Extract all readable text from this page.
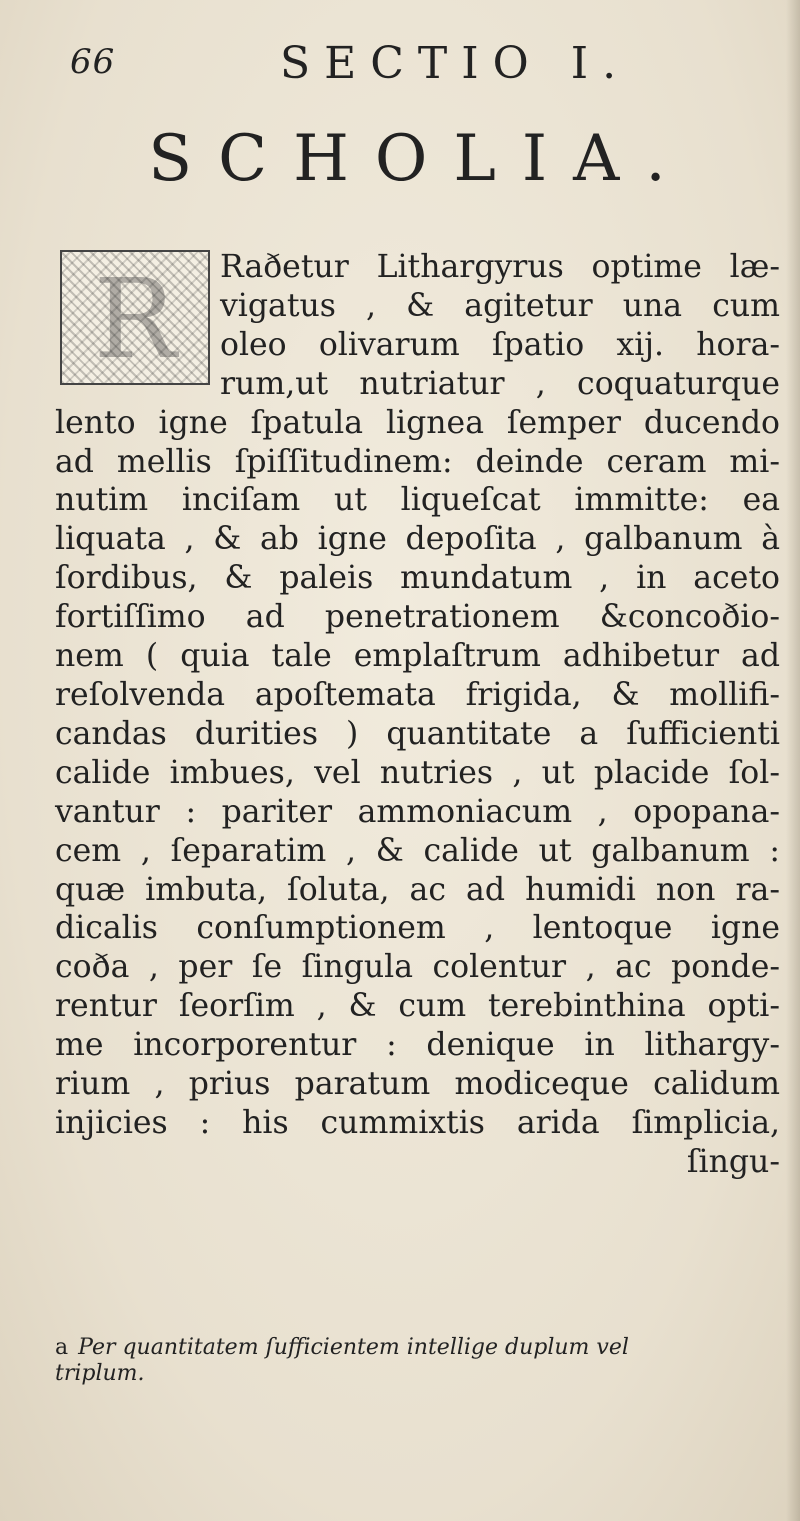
66	SECTIO I.
SCHOLIA.
R	Raðetur Lithargyrus optime læ-
vigatus , & agitetur una cum
oleo olivarum ſpatio xij. hora-
rum,ut nutriatur , coquaturque
lento igne ſpatula lignea ſemper ducendo
ad mellis ſpiſſitudinem: deinde ceram mi-
nutim inciſam ut liqueſcat immitte: ea
liquata , & ab igne depoſita , galbanum à
ſordibus, & paleis mundatum , in aceto
fortiſſimo ad penetrationem &concoðio-
nem ( quia tale emplaſtrum adhibetur ad
reſolvenda apoſtemata frigida, & mollifi-
candas durities ) quantitate a ſufficienti
calide imbues, vel nutries , ut placide ſol-
vantur : pariter ammoniacum , opopana-
cem , ſeparatim , & calide ut galbanum :
quæ imbuta, ſoluta, ac ad humidi non ra-
dicalis conſumptionem , lentoque igne
coða , per ſe ſingula colentur , ac ponde-
rentur ſeorſim , & cum terebinthina opti-
me incorporentur : denique in lithargy-
rium , prius paratum modiceque calidum
injicies : his cummixtis arida ſimplicia,
ſingu-
a Per quantitatem ſufficientem intellige duplum vel
triplum.
